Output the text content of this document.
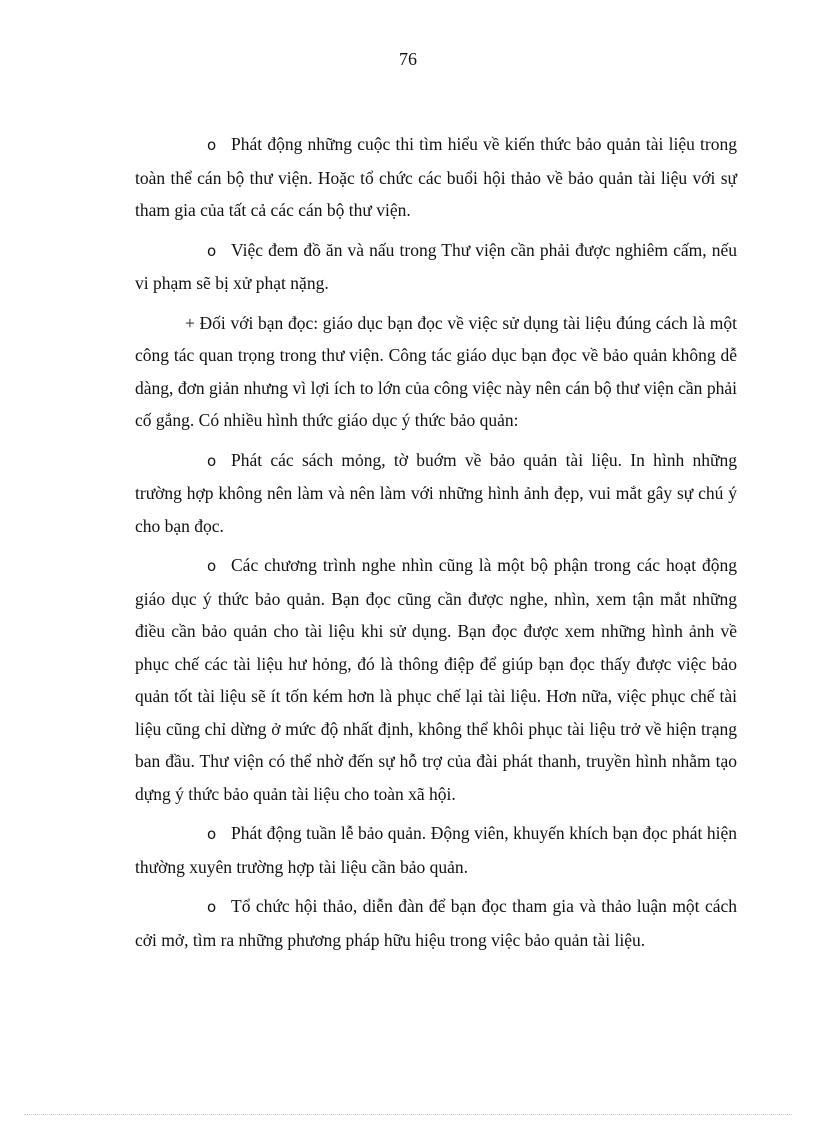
76

o Phát động những cuộc thi tìm hiểu về kiến thức bảo quản tài liệu trong toàn thể cán bộ thư viện. Hoặc tổ chức các buổi hội thảo về bảo quản tài liệu với sự tham gia của tất cả các cán bộ thư viện.

o Việc đem đồ ăn và nấu trong Thư viện cần phải được nghiêm cấm, nếu vi phạm sẽ bị xử phạt nặng.

+ Đối với bạn đọc: giáo dục bạn đọc về việc sử dụng tài liệu đúng cách là một công tác quan trọng trong thư viện. Công tác giáo dục bạn đọc về bảo quản không dễ dàng, đơn giản nhưng vì lợi ích to lớn của công việc này nên cán bộ thư viện cần phải cố gắng. Có nhiều hình thức giáo dục ý thức bảo quản:

o Phát các sách mỏng, tờ buớm về bảo quản tài liệu. In hình những trường hợp không nên làm và nên làm với những hình ảnh đẹp, vui mắt gây sự chú ý cho bạn đọc.

o Các chương trình nghe nhìn cũng là một bộ phận trong các hoạt động giáo dục ý thức bảo quản. Bạn đọc cũng cần được nghe, nhìn, xem tận mắt những điều cần bảo quản cho tài liệu khi sử dụng. Bạn đọc được xem những hình ảnh về phục chế các tài liệu hư hỏng, đó là thông điệp để giúp bạn đọc thấy được việc bảo quản tốt tài liệu sẽ ít tốn kém hơn là phục chế lại tài liệu. Hơn nữa, việc phục chế tài liệu cũng chỉ dừng ở mức độ nhất định, không thể khôi phục tài liệu trở về hiện trạng ban đầu. Thư viện có thể nhờ đến sự hỗ trợ của đài phát thanh, truyền hình nhằm tạo dựng ý thức bảo quản tài liệu cho toàn xã hội.

o Phát động tuần lễ bảo quản. Động viên, khuyến khích bạn đọc phát hiện thường xuyên trường hợp tài liệu cần bảo quản.

o Tổ chức hội thảo, diễn đàn để bạn đọc tham gia và thảo luận một cách cởi mở, tìm ra những phương pháp hữu hiệu trong việc bảo quản tài liệu.
